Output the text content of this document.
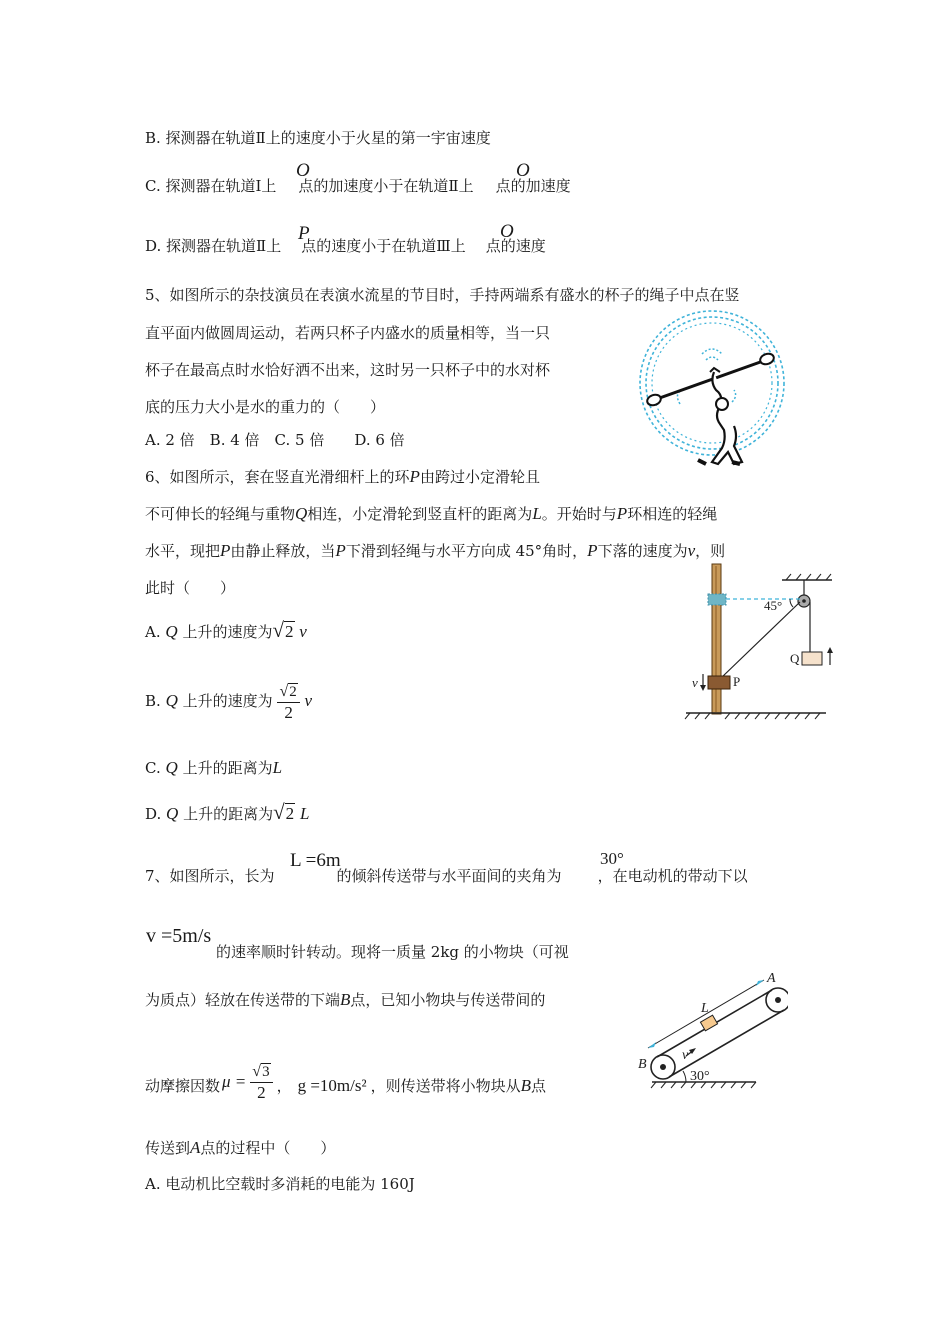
B. 探测器在轨道Ⅱ上的速度小于火星的第一宇宙速度
C. 探测器在轨道Ⅰ上 点的加速度小于在轨道Ⅱ上 点的加速度
O	O
D. 探测器在轨道Ⅱ上 点的速度小于在轨道Ⅲ上 点的速度
P	O
5、如图所示的杂技演员在表演水流星的节目时，手持两端系有盛水的杯子的绳子中点在竖
直平面内做圆周运动，若两只杯子内盛水的质量相等，当一只
杯子在最高点时水恰好洒不出来，这时另一只杯子中的水对杯
底的压力大小是水的重力的（　　）
A. 2 倍　B. 4 倍　C. 5 倍　　D. 6 倍
6、如图所示，套在竖直光滑细杆上的环P由跨过小定滑轮且
不可伸长的轻绳与重物Q相连，小定滑轮到竖直杆的距离为L。开始时与P环相连的轻绳
水平，现把P由静止释放，当P下滑到轻绳与水平方向成 45°角时，P下落的速度为v，则
此时（　　）
A. Q 上升的速度为√2 v
B.
Q
上升的速度为
$\frac{√2}{2}$
v
C. Q 上升的距离为L
D. Q 上升的距离为√2 L
45°
Q
P
v
7、如图所示，长为	的倾斜传送带与水平面间的夹角为 ，在电动机的带动下以
L =6m	30°
v =5m/s
的速率顺时针转动。现将一质量 2kg 的小物块（可视
为质点）轻放在传送带的下端B点，已知小物块与传送带间的
动摩擦因数 $\mu = \frac{√3}{2}$ ， g =10m/s² ，则传送带将小物块从 B 点
传送到A点的过程中（　　）
A. 电动机比空载时多消耗的电能为 160J
A
B
L
v
30°
